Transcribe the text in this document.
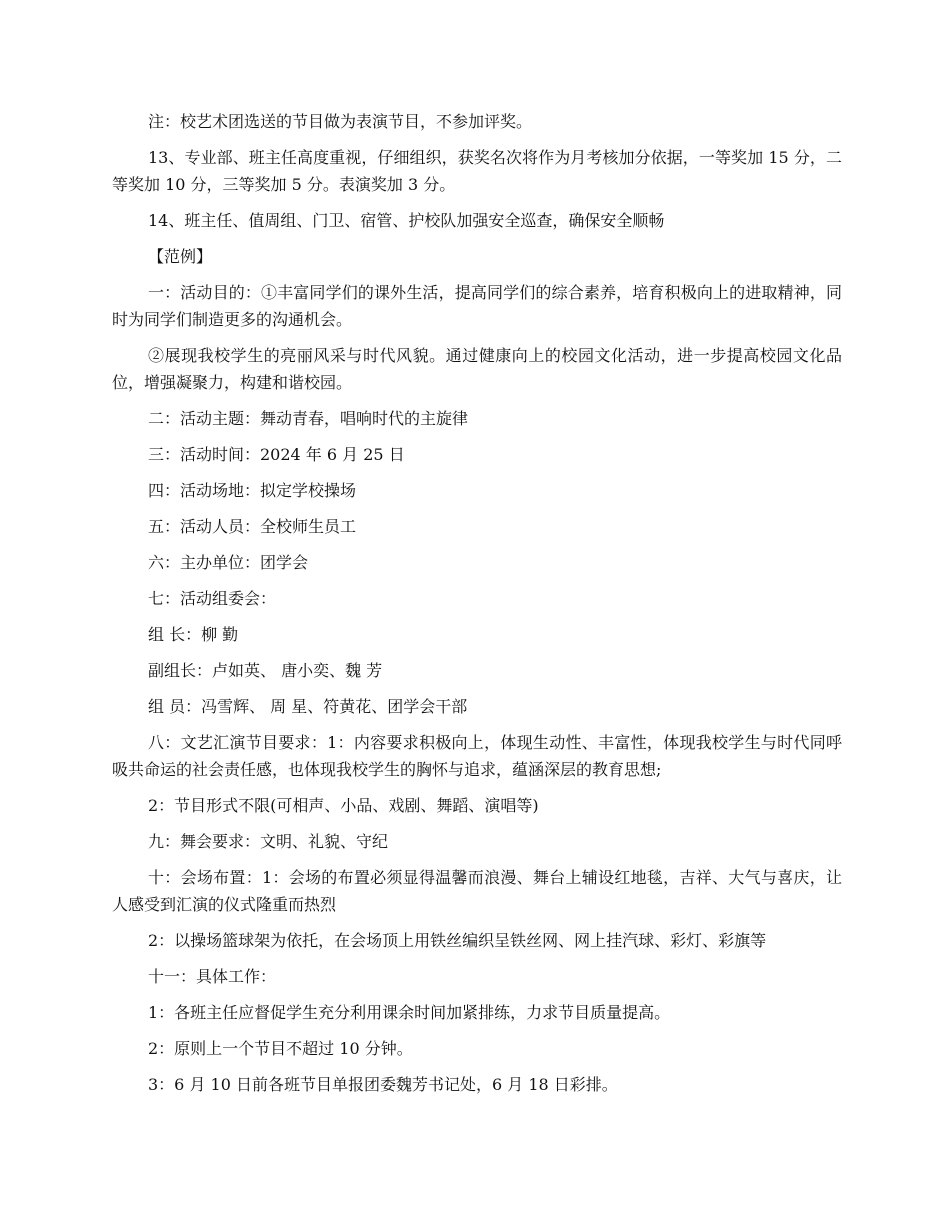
注：校艺术团选送的节目做为表演节目，不参加评奖。

13、专业部、班主任高度重视，仔细组织，获奖名次将作为月考核加分依据，一等奖加 15 分，二等奖加 10 分，三等奖加 5 分。表演奖加 3 分。

14、班主任、值周组、门卫、宿管、护校队加强安全巡查，确保安全顺畅

【范例】

一：活动目的：①丰富同学们的课外生活，提高同学们的综合素养，培育积极向上的进取精神，同时为同学们制造更多的沟通机会。

②展现我校学生的亮丽风采与时代风貌。通过健康向上的校园文化活动，进一步提高校园文化品位，增强凝聚力，构建和谐校园。

二：活动主题：舞动青春，唱响时代的主旋律

三：活动时间：2024 年 6 月 25 日

四：活动场地：拟定学校操场

五：活动人员：全校师生员工

六：主办单位：团学会

七：活动组委会：

组 长：柳 勤

副组长：卢如英、 唐小奕、魏 芳

组 员：冯雪辉、 周 星、符黄花、团学会干部

八：文艺汇演节目要求：1：内容要求积极向上，体现生动性、丰富性，体现我校学生与时代同呼吸共命运的社会责任感，也体现我校学生的胸怀与追求，蕴涵深层的教育思想;

2：节目形式不限(可相声、小品、戏剧、舞蹈、演唱等)

九：舞会要求：文明、礼貌、守纪

十：会场布置：1：会场的布置必须显得温馨而浪漫、舞台上辅设红地毯，吉祥、大气与喜庆，让人感受到汇演的仪式隆重而热烈

2：以操场篮球架为依托，在会场顶上用铁丝编织呈铁丝网、网上挂汽球、彩灯、彩旗等

十一：具体工作：

1：各班主任应督促学生充分利用课余时间加紧排练，力求节目质量提高。

2：原则上一个节目不超过 10 分钟。

3：6 月 10 日前各班节目单报团委魏芳书记处，6 月 18 日彩排。
